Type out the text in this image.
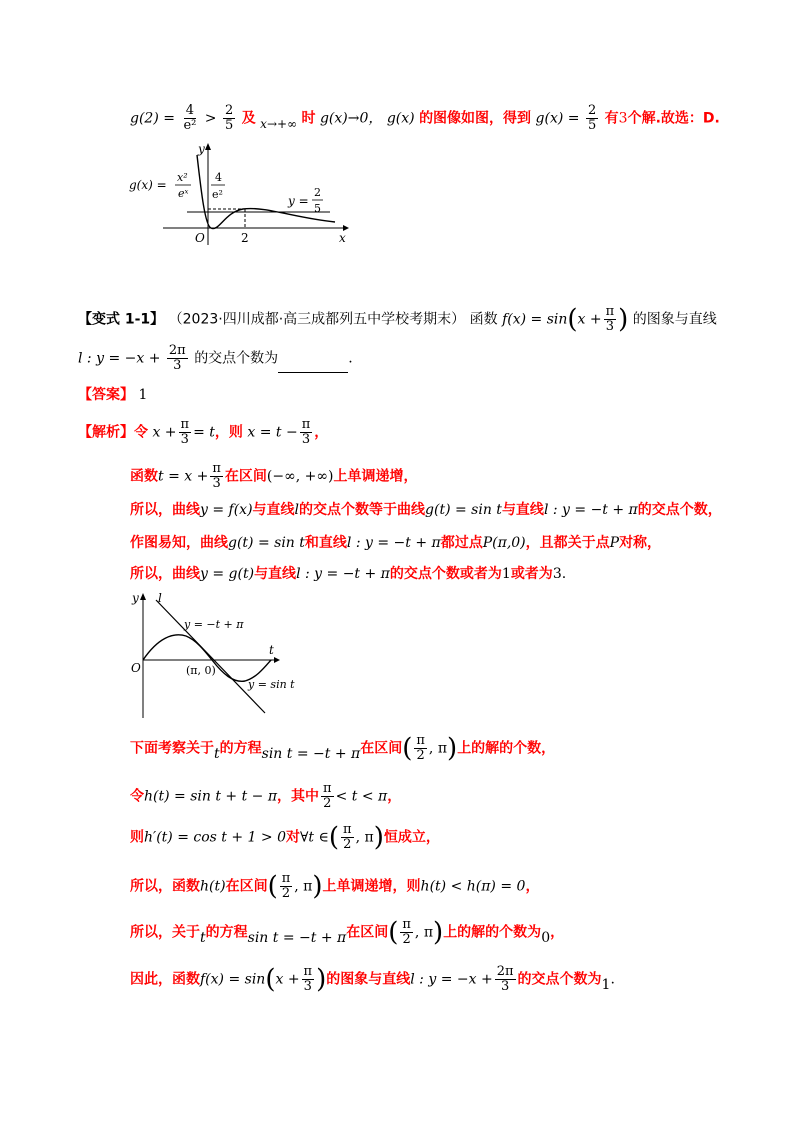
$g(2) = \frac{4}{\text{e²}} > \frac{2}{5}$ 及 x→+∞ 时 g(x)→0， g(x) 的图像如图，得到 $g(x) = \frac{2}{5}$ 有3个解.故选：D.
y
x
O	2
g(x) =
x²
eˣ
4
e²	y =
2
5
【变式 1-1】 （2023·四川成都·高三成都列五中学校考期末） 函数 $f(x) = \sin(x + \frac{\pi}{3}$ ) 的图象与直线
l : $y = -x + \frac{2\pi}{3}$ 的交点个数为	.
【答案】 1
【解析】令 $x + \frac{\pi}{3} = t$，则 $x = t - \frac{\pi}{3}$ ，
函数$t = x + \frac{\pi}{3}$ 在区间(−∞, +∞)上单调递增，
所以，曲线y = f(x)与直线l的交点个数等于曲线g(t) = sin t与直线l : y = −t + π的交点个数，
作图易知，曲线g(t) = sin t和直线l : y = −t + π都过点P(π,0)，且都关于点P对称，
所以，曲线y = g(t)与直线l : y = −t + π的交点个数或者为1或者为3.
y l
t
O
y = −t + π
(π, 0)
y = sin t
下面考察关于t的方程sin t = −t + π在区间( $\frac{\pi}{2}$ , π)上的解的个数，
令h(t) = sin t + t − π，其中 $\frac{\pi}{2} < t < \pi$，
则h′(t) = cos t + 1 > 0对∀t ∈( $\frac{\pi}{2}$ , π)恒成立，
所以，函数h(t)在区间( $\frac{\pi}{2}$ , π)上单调递增，则h(t) < h(π) = 0，
所以，关于t的方程sin t = −t + π在区间( $\frac{\pi}{2}$ , π)上的解的个数为0，
因此，函数$f(x) = \sin(x + \frac{\pi}{3}$ )的图象与直线l : $y = -x + \frac{2\pi}{3}$ 的交点个数为1.
